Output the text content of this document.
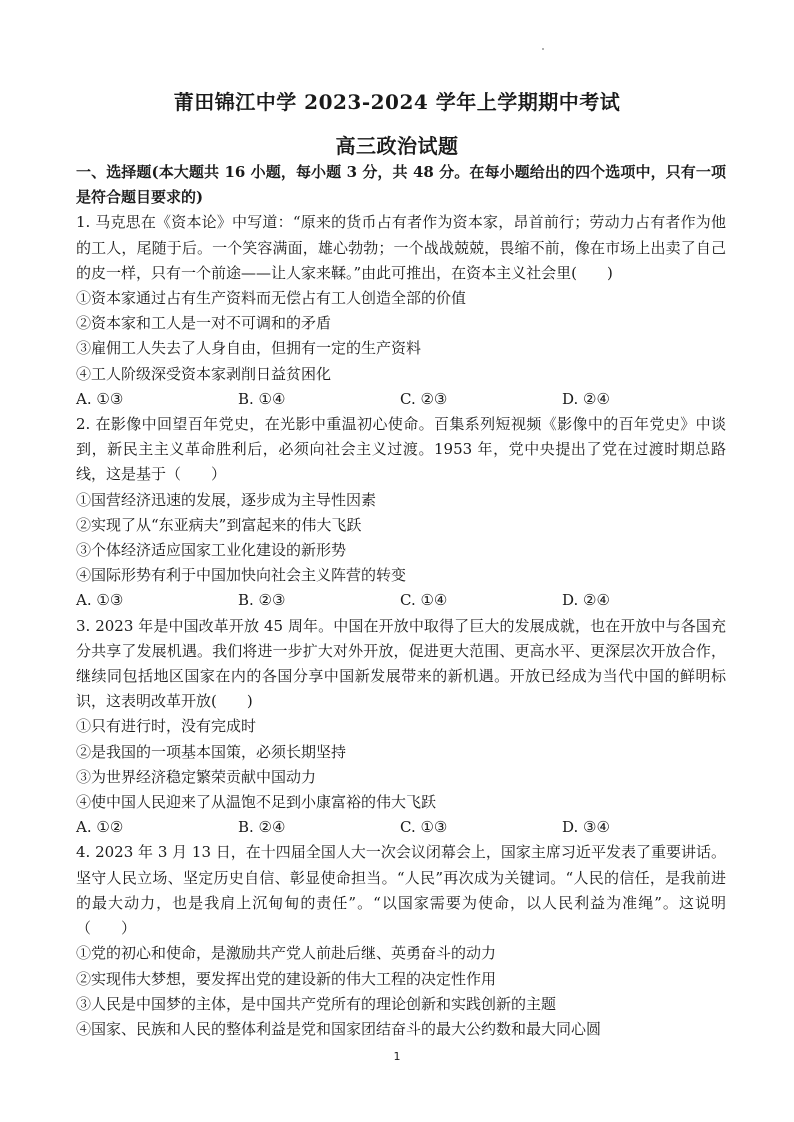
莆田锦江中学 2023-2024 学年上学期期中考试
高三政治试题

一、选择题(本大题共 16 小题，每小题 3 分，共 48 分。在每小题给出的四个选项中，只有一项是符合题目要求的)

1. 马克思在《资本论》中写道：“原来的货币占有者作为资本家，昂首前行；劳动力占有者作为他的工人，尾随于后。一个笑容满面，雄心勃勃；一个战战兢兢，畏缩不前，像在市场上出卖了自己的皮一样，只有一个前途——让人家来鞣。”由此可推出，在资本主义社会里(　　)

①资本家通过占有生产资料而无偿占有工人创造全部的价值

②资本家和工人是一对不可调和的矛盾

③雇佣工人失去了人身自由，但拥有一定的生产资料

④工人阶级深受资本家剥削日益贫困化

A. ①③	B. ①④	C. ②③	D. ②④

2. 在影像中回望百年党史，在光影中重温初心使命。百集系列短视频《影像中的百年党史》中谈到，新民主主义革命胜利后，必须向社会主义过渡。1953 年，党中央提出了党在过渡时期总路线，这是基于（　　）

①国营经济迅速的发展，逐步成为主导性因素

②实现了从“东亚病夫”到富起来的伟大飞跃

③个体经济适应国家工业化建设的新形势

④国际形势有利于中国加快向社会主义阵营的转变

A. ①③	B. ②③	C. ①④	D. ②④

3. 2023 年是中国改革开放 45 周年。中国在开放中取得了巨大的发展成就，也在开放中与各国充分共享了发展机遇。我们将进一步扩大对外开放，促进更大范围、更高水平、更深层次开放合作，继续同包括地区国家在内的各国分享中国新发展带来的新机遇。开放已经成为当代中国的鲜明标识，这表明改革开放(　　)

①只有进行时，没有完成时

②是我国的一项基本国策，必须长期坚持

③为世界经济稳定繁荣贡献中国动力

④使中国人民迎来了从温饱不足到小康富裕的伟大飞跃

A. ①②	B. ②④	C. ①③	D. ③④

4. 2023 年 3 月 13 日，在十四届全国人大一次会议闭幕会上，国家主席习近平发表了重要讲话。坚守人民立场、坚定历史自信、彰显使命担当。“人民”再次成为关键词。“人民的信任，是我前进的最大动力，也是我肩上沉甸甸的责任”。“以国家需要为使命，以人民利益为准绳”。这说明（　　）

①党的初心和使命，是激励共产党人前赴后继、英勇奋斗的动力

②实现伟大梦想，要发挥出党的建设新的伟大工程的决定性作用

③人民是中国梦的主体，是中国共产党所有的理论创新和实践创新的主题

④国家、民族和人民的整体利益是党和国家团结奋斗的最大公约数和最大同心圆

1
